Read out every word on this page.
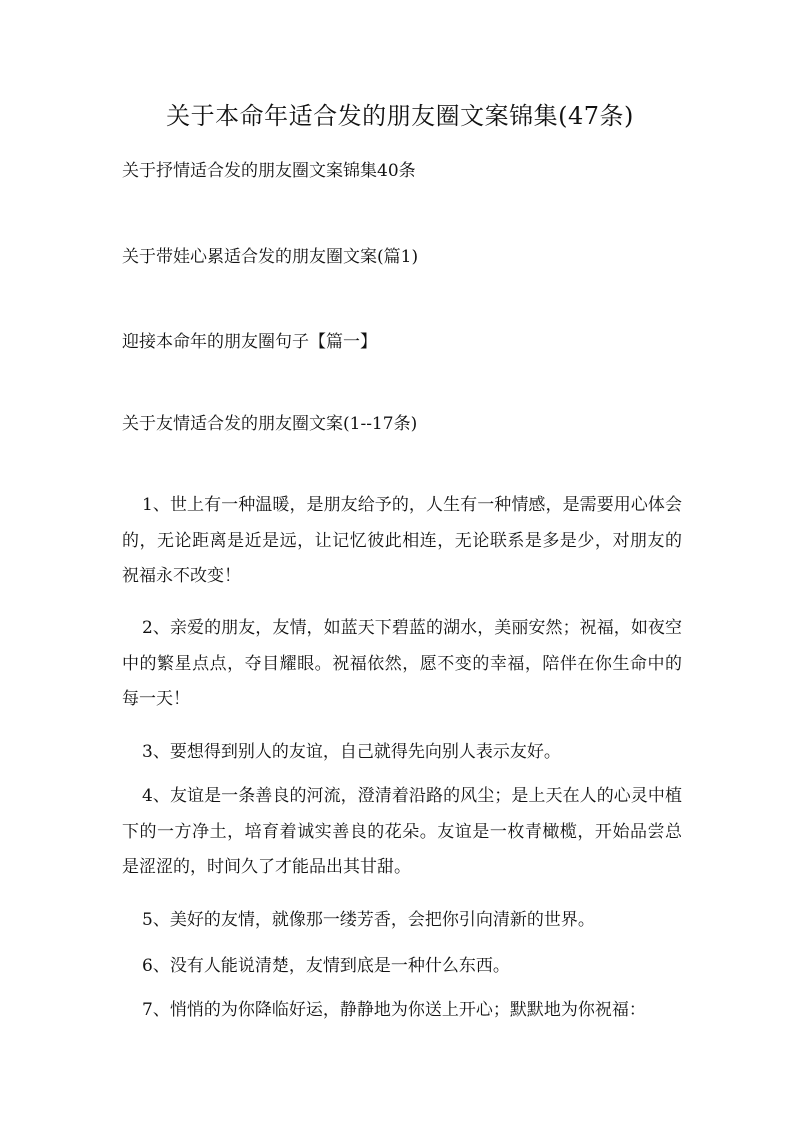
关于本命年适合发的朋友圈文案锦集(47条)

关于抒情适合发的朋友圈文案锦集40条

关于带娃心累适合发的朋友圈文案(篇1)

迎接本命年的朋友圈句子【篇一】

关于友情适合发的朋友圈文案(1--17条)

1、世上有一种温暖，是朋友给予的，人生有一种情感，是需要用心体会的，无论距离是近是远，让记忆彼此相连，无论联系是多是少，对朋友的祝福永不改变！

2、亲爱的朋友，友情，如蓝天下碧蓝的湖水，美丽安然；祝福，如夜空中的繁星点点，夺目耀眼。祝福依然，愿不变的幸福，陪伴在你生命中的每一天！

3、要想得到别人的友谊，自己就得先向别人表示友好。

4、友谊是一条善良的河流，澄清着沿路的风尘；是上天在人的心灵中植下的一方净土，培育着诚实善良的花朵。友谊是一枚青橄榄，开始品尝总是涩涩的，时间久了才能品出其甘甜。

5、美好的友情，就像那一缕芳香，会把你引向清新的世界。

6、没有人能说清楚，友情到底是一种什么东西。

7、悄悄的为你降临好运，静静地为你送上开心；默默地为你祝福：
